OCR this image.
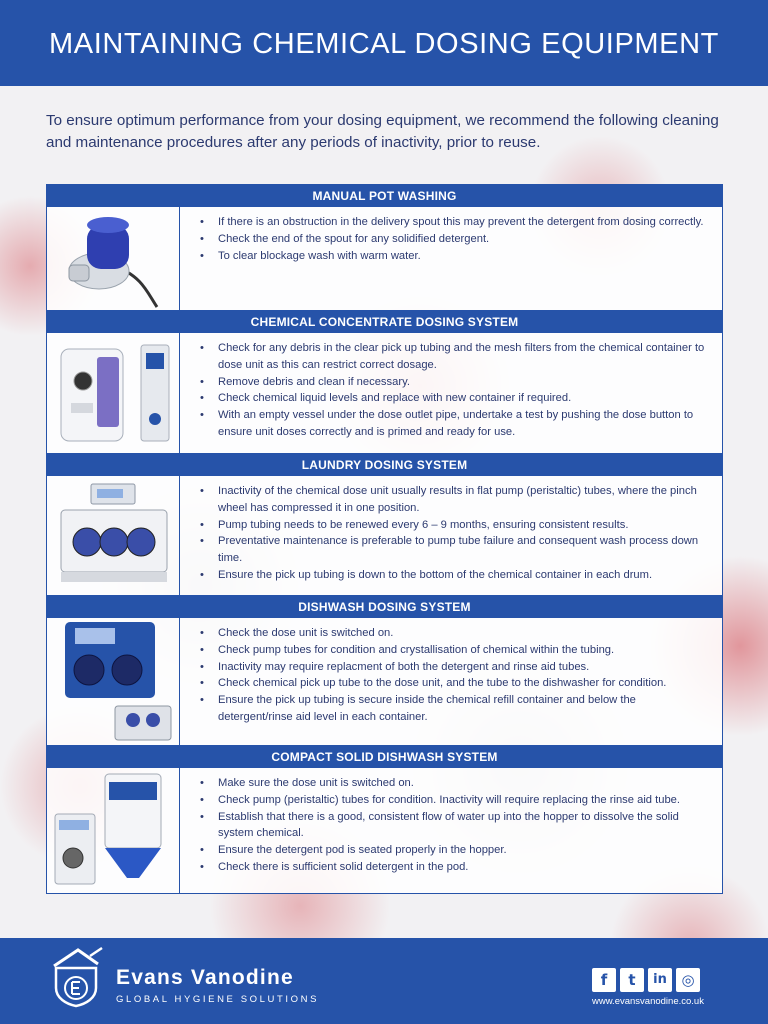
MAINTAINING CHEMICAL DOSING EQUIPMENT
To ensure optimum performance from your dosing equipment, we recommend the following cleaning and maintenance procedures after any periods of inactivity, prior to reuse.
MANUAL POT WASHING
• If there is an obstruction in the delivery spout this may prevent the detergent from dosing correctly.
• Check the end of the spout for any solidified detergent.
• To clear blockage wash with warm water.
CHEMICAL CONCENTRATE DOSING SYSTEM
• Check for any debris in the clear pick up tubing and the mesh filters from the chemical container to dose unit as this can restrict correct dosage.
• Remove debris and clean if necessary.
• Check chemical liquid levels and replace with new container if required.
• With an empty vessel under the dose outlet pipe, undertake a test by pushing the dose button to ensure unit doses correctly and is primed and ready for use.
LAUNDRY DOSING SYSTEM
• Inactivity of the chemical dose unit usually results in flat pump (peristaltic) tubes, where the pinch wheel has compressed it in one position.
• Pump tubing needs to be renewed every 6 – 9 months, ensuring consistent results.
• Preventative maintenance is preferable to pump tube failure and consequent wash process down time.
• Ensure the pick up tubing is down to the bottom of the chemical container in each drum.
DISHWASH DOSING SYSTEM
• Check the dose unit is switched on.
• Check pump tubes for condition and crystallisation of chemical within the tubing.
• Inactivity may require replacment of both the detergent and rinse aid tubes.
• Check chemical pick up tube to the dose unit, and the tube to the dishwasher for condition.
• Ensure the pick up tubing is secure inside the chemical refill container and below the detergent/rinse aid level in each container.
COMPACT SOLID DISHWASH SYSTEM
• Make sure the dose unit is switched on.
• Check pump (peristaltic) tubes for condition. Inactivity will require replacing the rinse aid tube.
• Establish that there is a good, consistent flow of water up into the hopper to dissolve the solid system chemical.
• Ensure the detergent pod is seated properly in the hopper.
• Check there is sufficient solid detergent in the pod.
Evans Vanodine
GLOBAL HYGIENE SOLUTIONS
f	t	in ◎
www.evansvanodine.co.uk
